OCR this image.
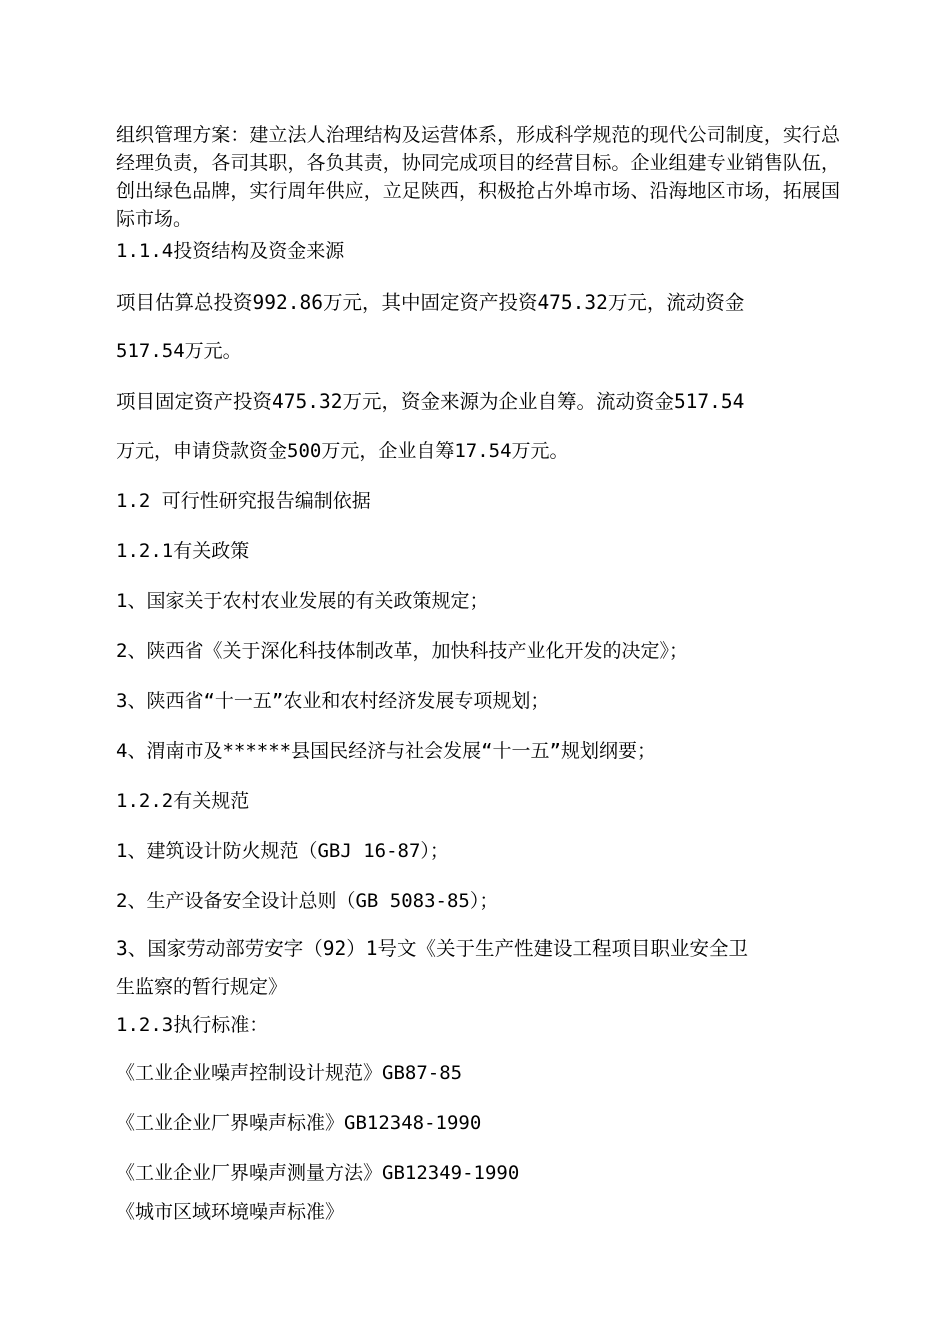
组织管理方案：建立法人治理结构及运营体系，形成科学规范的现代公司制度，实行总经理负责，各司其职，各负其责，协同完成项目的经营目标。企业组建专业销售队伍，创出绿色品牌，实行周年供应，立足陕西，积极抢占外埠市场、沿海地区市场，拓展国际市场。
1.1.4投资结构及资金来源
项目估算总投资992.86万元，其中固定资产投资475.32万元，流动资金
517.54万元。
项目固定资产投资475.32万元，资金来源为企业自筹。流动资金517.54
万元，申请贷款资金500万元，企业自筹17.54万元。
1.2 可行性研究报告编制依据
1.2.1有关政策
1、国家关于农村农业发展的有关政策规定；
2、陕西省《关于深化科技体制改革，加快科技产业化开发的决定》；
3、陕西省“十一五”农业和农村经济发展专项规划；
4、渭南市及******县国民经济与社会发展“十一五”规划纲要；
1.2.2有关规范
1、建筑设计防火规范（GBJ 16-87）；
2、生产设备安全设计总则（GB 5083-85）；
3、国家劳动部劳安字（92）1号文《关于生产性建设工程项目职业安全卫
生监察的暂行规定》
1.2.3执行标准：
《工业企业噪声控制设计规范》GB87-85
《工业企业厂界噪声标准》GB12348-1990
《工业企业厂界噪声测量方法》GB12349-1990
《城市区域环境噪声标准》
